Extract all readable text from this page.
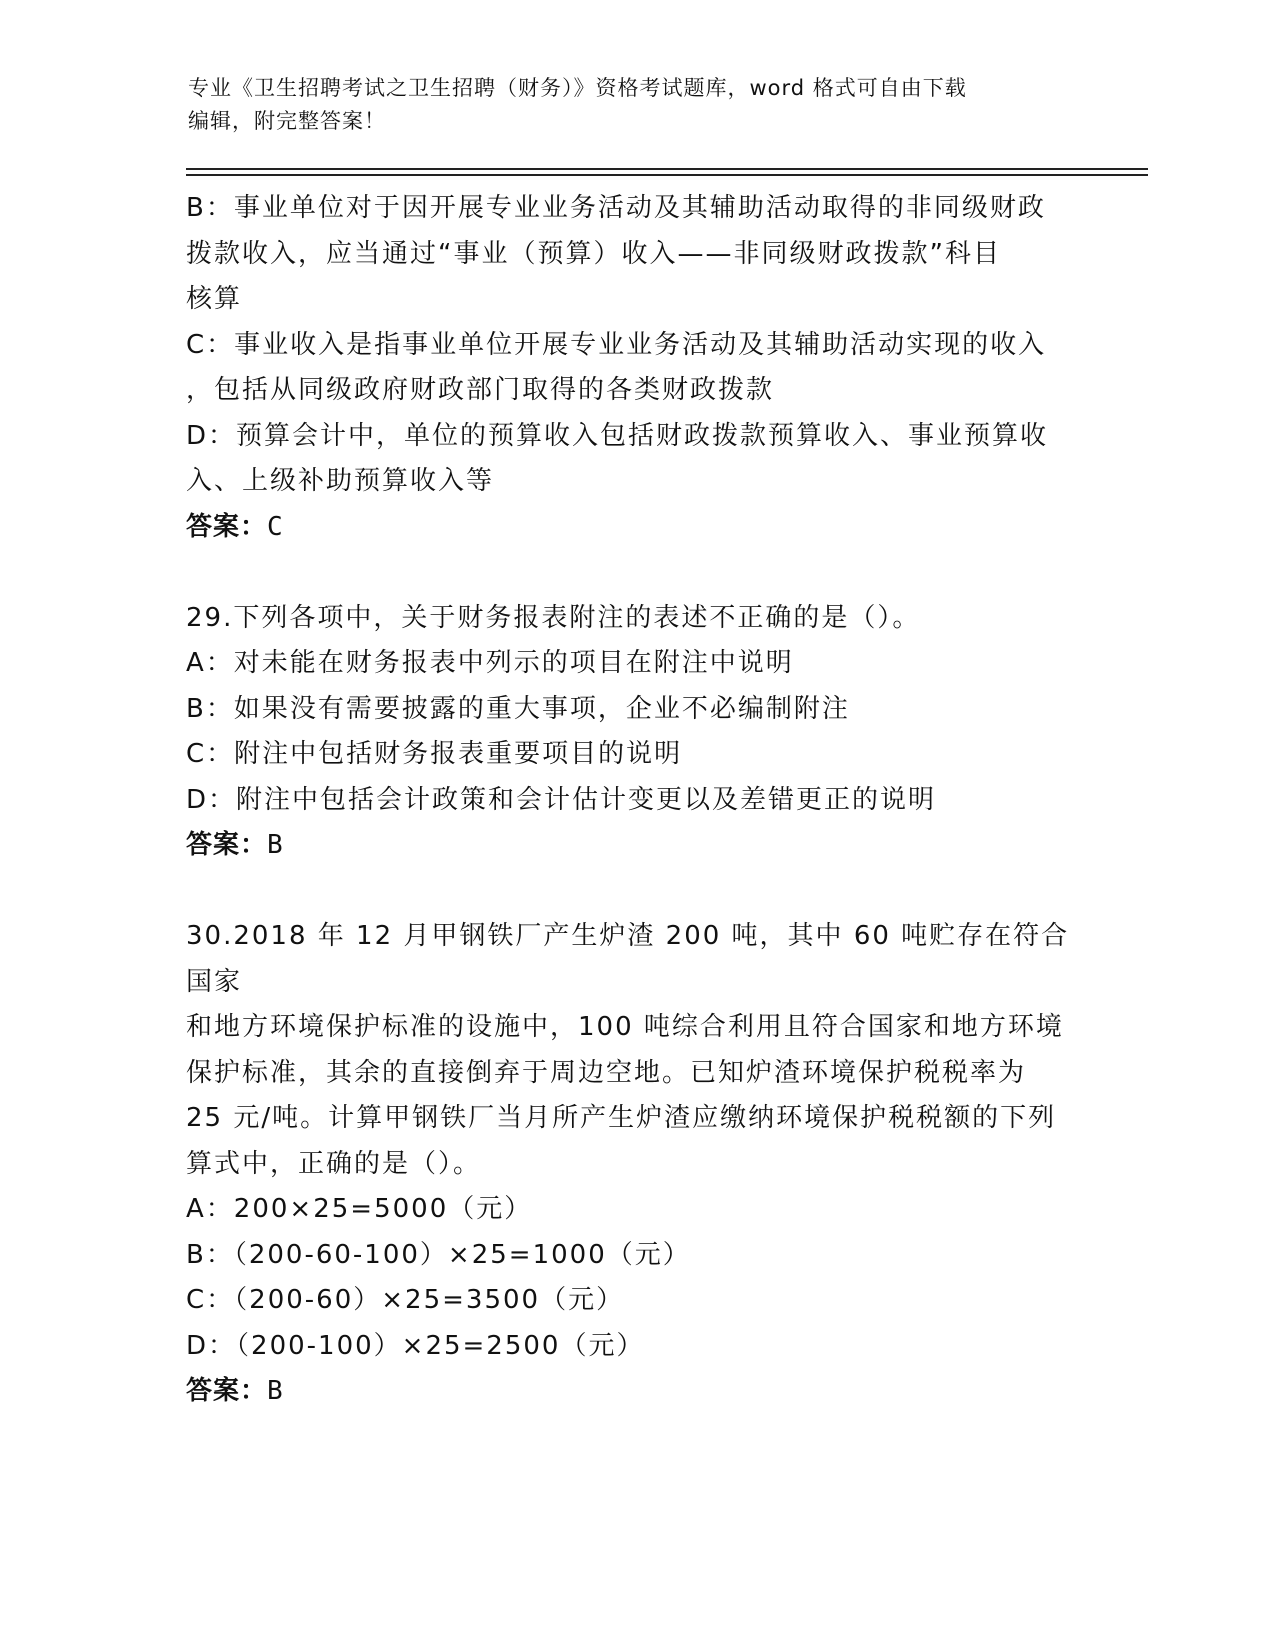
专业《卫生招聘考试之卫生招聘（财务）》资格考试题库，word 格式可自由下载
编辑，附完整答案！

B：事业单位对于因开展专业业务活动及其辅助活动取得的非同级财政

拨款收入，应当通过“事业（预算）收入——非同级财政拨款”科目

核算

C：事业收入是指事业单位开展专业业务活动及其辅助活动实现的收入

，包括从同级政府财政部门取得的各类财政拨款

D：预算会计中，单位的预算收入包括财政拨款预算收入、事业预算收

入、上级补助预算收入等

答案：C

29.下列各项中，关于财务报表附注的表述不正确的是（）。

A：对未能在财务报表中列示的项目在附注中说明

B：如果没有需要披露的重大事项，企业不必编制附注

C：附注中包括财务报表重要项目的说明

D：附注中包括会计政策和会计估计变更以及差错更正的说明

答案：B

30.2018 年 12 月甲钢铁厂产生炉渣 200 吨，其中 60 吨贮存在符合国家

和地方环境保护标准的设施中，100 吨综合利用且符合国家和地方环境

保护标准，其余的直接倒弃于周边空地。已知炉渣环境保护税税率为

25 元/吨。计算甲钢铁厂当月所产生炉渣应缴纳环境保护税税额的下列

算式中，正确的是（）。

A：200×25=5000（元）

B：（200-60-100）×25=1000（元）

C：（200-60）×25=3500（元）

D：（200-100）×25=2500（元）

答案：B
